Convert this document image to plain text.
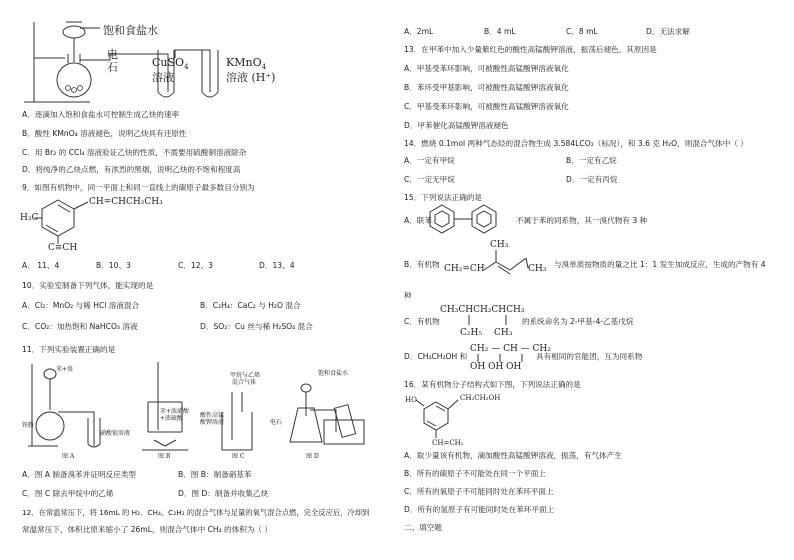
饱和食盐水
电
石	CuSO$_4$
溶液
KMnO$_4$
溶液 (H⁺)
A．逐滴加入饱和食盐水可控制生成乙炔的速率
B．酸性 KMnO₄ 溶液褪色，说明乙炔具有还原性
C．用 Br₂ 的 CCl₄ 溶液验证乙炔的性质，不需要用硫酸铜溶液除杂
D．将纯净的乙炔点燃，有浓烈的黑烟，说明乙炔的不饱和程度高
9．如图有机物中，同一平面上和同一直线上的碳原子最多数目分别为
CH=CHCH₂CH₃
H₃C
C≡CH
A． 11、4	B．10、3	C．12、3	D．13、4
10．实验室制备下列气体，能实现的是
A．Cl₂：MnO₂ 与稀 HCl 溶液混合	B．C₂H₄：CaC₂ 与 H₂O 混合
C．CO₂：加热饱和 NaHCO₃ 溶液	D．SO₂：Cu 丝与稀 H₂SO₄ 混合
11．下列实验装置正确的是
苯+溴
铁粉
硝酸银溶液
苯+浓硝酸
+浓硫酸
甲烷与乙烯
混合气体
酸性高锰
酸钾溶液
饱和食盐水
电石
图 A	图 B	图 C	图 D
A．图 A 制备溴苯并证明反应类型	B．图 B：制备硝基苯
C．图 C 除去甲烷中的乙烯	D．图 D：制备并收集乙炔
12．在常温常压下，将 16mL 的 H₂、CH₄、C₂H₂ 的混合气体与足量的氧气混合点燃，完全反应后，冷却到
常温常压下，体积比原来缩小了 26mL，则混合气体中 CH₄ 的体积为（ ）
A．2mL	B．4 mL	C．8 mL	D．无法求解
13．在甲苯中加入少量紫红色的酸性高锰酸钾溶液，振荡后褪色。其原因是
A．甲基受苯环影响，可被酸性高锰酸钾溶液氧化
B．苯环受甲基影响，可被酸性高锰酸钾溶液氧化
C．甲基受苯环影响，可被酸性高锰酸钾溶液氧化
D．甲苯催化高锰酸钾溶液褪色
14．燃烧 0.1mol 两种气态烃的混合物生成 3.584LCO₂（标况），和 3.6 克 H₂O，则混合气体中（ ）
A．一定有甲烷	B．一定有乙烷
C．一定无甲烷	D．一定有丙烷
15．下列说法正确的是
A．联苯	不属于苯的同系物，其一溴代物有 3 种
B．有机物 CH₂=CH
CH₃
CH₃ 与溴单质按物质的量之比 1：1 发生加成反应，生成的产物有 4
种
CH₃CHCH₂CHCH₃
C．有机物
C₂H₅ CH₃
的系统命名为 2-甲基-4-乙基戊烷
D．CH₃CH₂OH 和
CH₂ — CH — CH₂
OH OH OH
具有相同的官能团，互为同系物
16．某有机物分子结构式如下图，下列说法正确的是
HO	CH₂CH₂OH
CH=CH₂
A．取少量该有机物，滴加酸性高锰酸钾溶液，振荡，有气体产生
B．所有的碳原子不可能处在同一个平面上
C．所有的氧原子不可能同时处在苯环平面上
D．所有的氢原子有可能同时处在苯环平面上
二、填空题
